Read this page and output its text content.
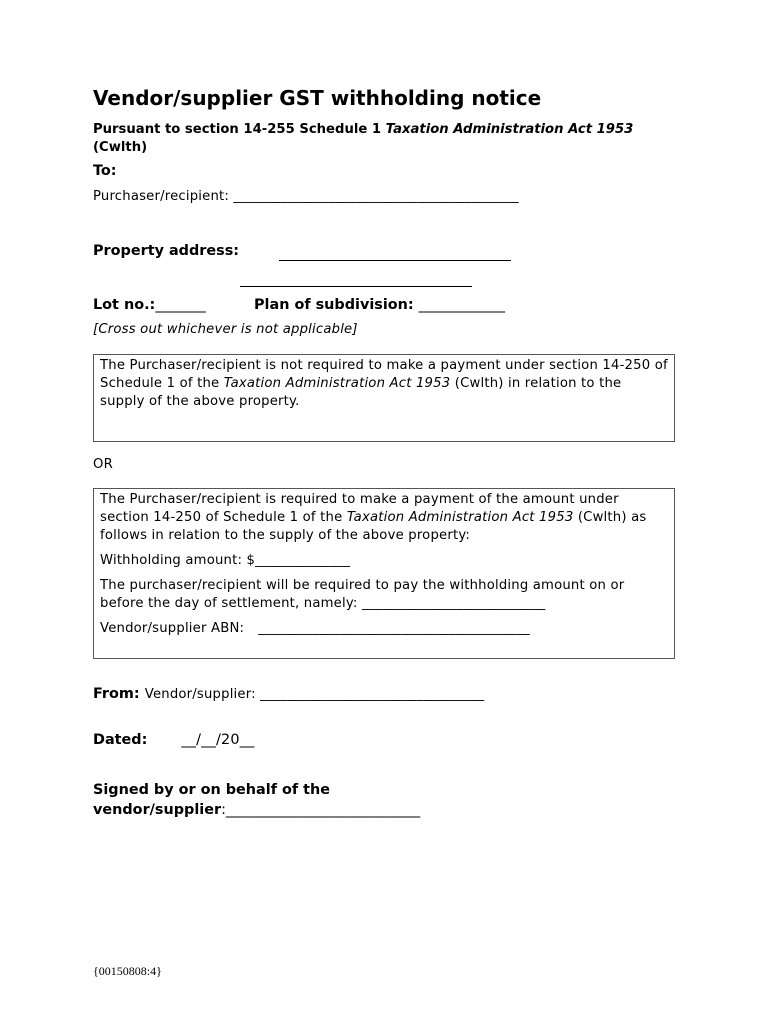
Vendor/supplier GST withholding notice
Pursuant to section 14-255 Schedule 1 Taxation Administration Act 1953 (Cwlth)
To:
Purchaser/recipient: __________________________________________
Property address:
Lot no.:_______	Plan of subdivision: ____________
[Cross out whichever is not applicable]

The Purchaser/recipient is not required to make a payment under section 14-250 of Schedule 1 of the Taxation Administration Act 1953 (Cwlth) in relation to the supply of the above property.

OR

The Purchaser/recipient is required to make a payment of the amount under section 14-250 of Schedule 1 of the Taxation Administration Act 1953 (Cwlth) as follows in relation to the supply of the above property:

Withholding amount: $______________

The purchaser/recipient will be required to pay the withholding amount on or before the day of settlement, namely: ___________________________

Vendor/supplier ABN: ________________________________________

From: Vendor/supplier: _________________________________
Dated: __/__/20__
Signed by or on behalf of the
vendor/supplier:___________________________
{00150808:4}
